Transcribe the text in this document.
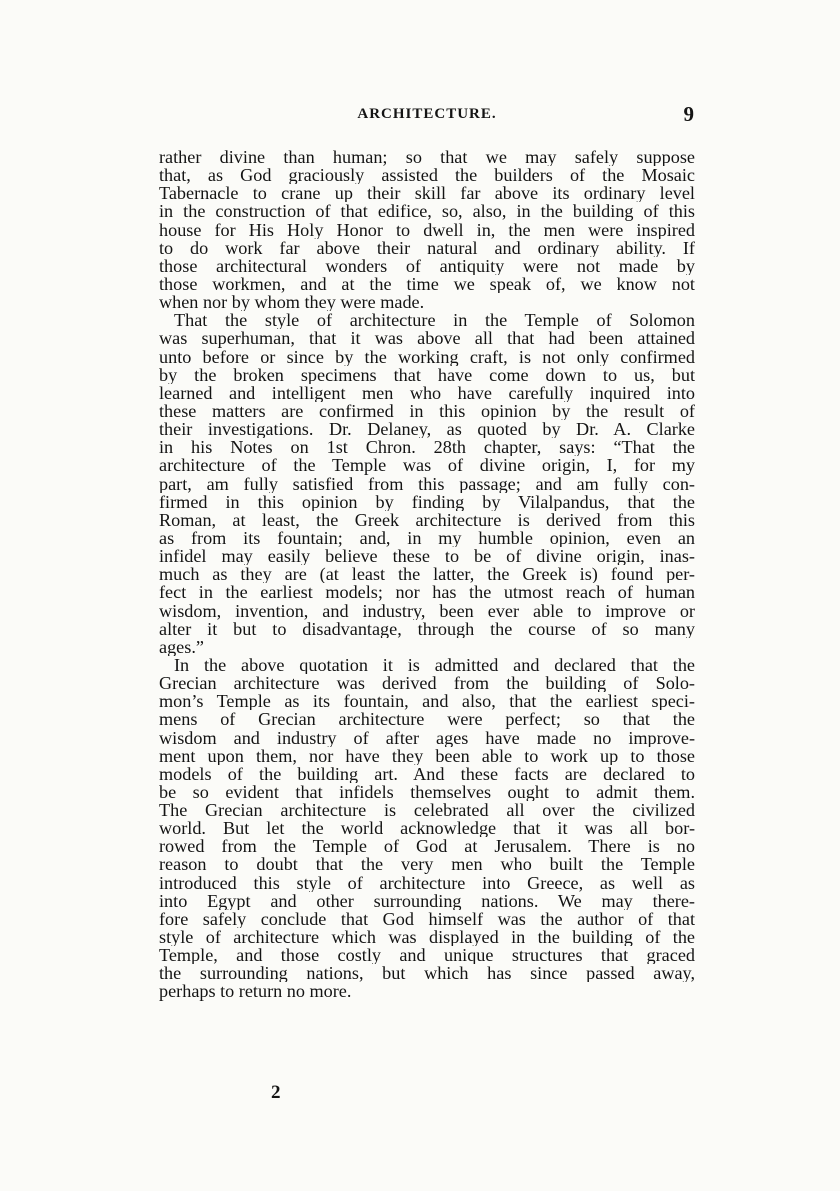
ARCHITECTURE.	9
rather divine than human; so that we may safely suppose
that, as God graciously assisted the builders of the Mosaic
Tabernacle to crane up their skill far above its ordinary level
in the construction of that edifice, so, also, in the building of this
house for His Holy Honor to dwell in, the men were inspired
to do work far above their natural and ordinary ability. If
those architectural wonders of antiquity were not made by
those workmen, and at the time we speak of, we know not
when nor by whom they were made.
That the style of architecture in the Temple of Solomon
was superhuman, that it was above all that had been attained
unto before or since by the working craft, is not only confirmed
by the broken specimens that have come down to us, but
learned and intelligent men who have carefully inquired into
these matters are confirmed in this opinion by the result of
their investigations. Dr. Delaney, as quoted by Dr. A. Clarke
in his Notes on 1st Chron. 28th chapter, says: “That the
architecture of the Temple was of divine origin, I, for my
part, am fully satisfied from this passage; and am fully con-
firmed in this opinion by finding by Vilalpandus, that the
Roman, at least, the Greek architecture is derived from this
as from its fountain; and, in my humble opinion, even an
infidel may easily believe these to be of divine origin, inas-
much as they are (at least the latter, the Greek is) found per-
fect in the earliest models; nor has the utmost reach of human
wisdom, invention, and industry, been ever able to improve or
alter it but to disadvantage, through the course of so many
ages.”
In the above quotation it is admitted and declared that the
Grecian architecture was derived from the building of Solo-
mon’s Temple as its fountain, and also, that the earliest speci-
mens of Grecian architecture were perfect; so that the
wisdom and industry of after ages have made no improve-
ment upon them, nor have they been able to work up to those
models of the building art. And these facts are declared to
be so evident that infidels themselves ought to admit them.
The Grecian architecture is celebrated all over the civilized
world. But let the world acknowledge that it was all bor-
rowed from the Temple of God at Jerusalem. There is no
reason to doubt that the very men who built the Temple
introduced this style of architecture into Greece, as well as
into Egypt and other surrounding nations. We may there-
fore safely conclude that God himself was the author of that
style of architecture which was displayed in the building of the
Temple, and those costly and unique structures that graced
the surrounding nations, but which has since passed away,
perhaps to return no more.
2
